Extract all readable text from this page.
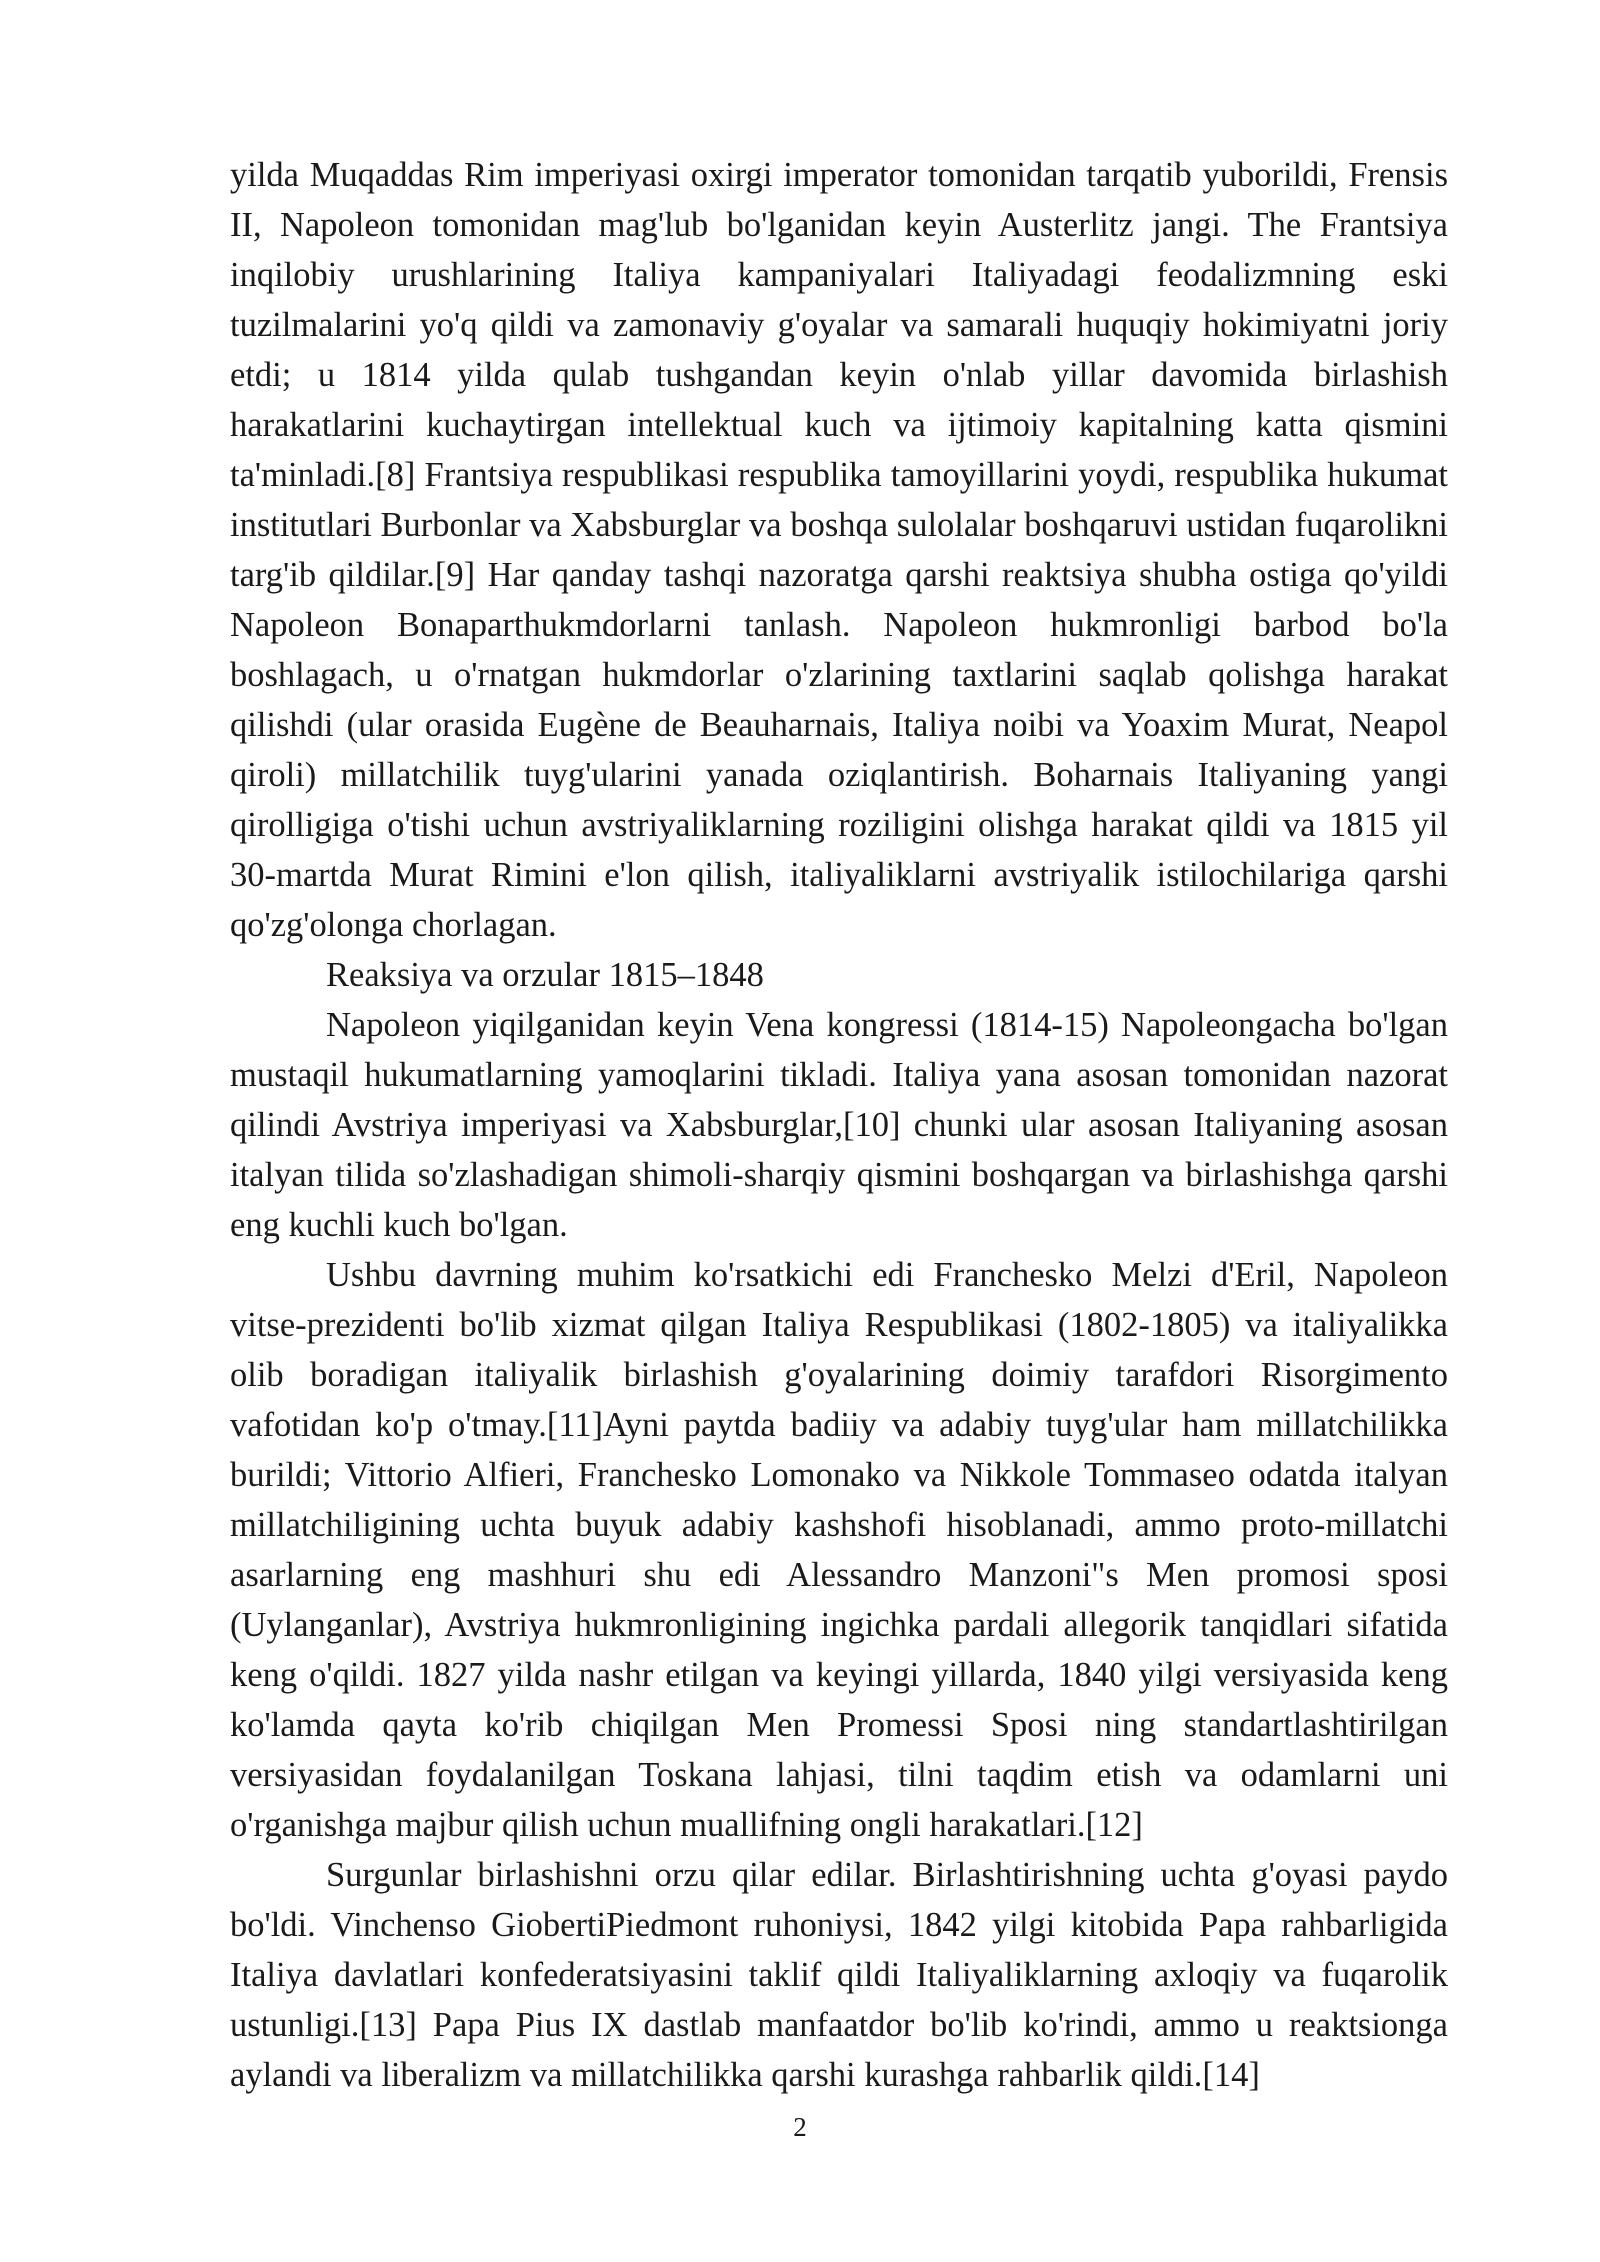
yilda Muqaddas Rim imperiyasi oxirgi imperator tomonidan tarqatib yuborildi, Frensis II, Napoleon tomonidan mag'lub bo'lganidan keyin Austerlitz jangi. The Frantsiya inqilobiy urushlarining Italiya kampaniyalari Italiyadagi feodalizmning eski tuzilmalarini yo'q qildi va zamonaviy g'oyalar va samarali huquqiy hokimiyatni joriy etdi; u 1814 yilda qulab tushgandan keyin o'nlab yillar davomida birlashish harakatlarini kuchaytirgan intellektual kuch va ijtimoiy kapitalning katta qismini ta'minladi.[8] Frantsiya respublikasi respublika tamoyillarini yoydi, respublika hukumat institutlari Burbonlar va Xabsburglar va boshqa sulolalar boshqaruvi ustidan fuqarolikni targ'ib qildilar.[9] Har qanday tashqi nazoratga qarshi reaktsiya shubha ostiga qo'yildi Napoleon Bonaparthukmdorlarni tanlash. Napoleon hukmronligi barbod bo'la boshlagach, u o'rnatgan hukmdorlar o'zlarining taxtlarini saqlab qolishga harakat qilishdi (ular orasida Eugène de Beauharnais, Italiya noibi va Yoaxim Murat, Neapol qiroli) millatchilik tuyg'ularini yanada oziqlantirish. Boharnais Italiyaning yangi qirolligiga o'tishi uchun avstriyaliklarning roziligini olishga harakat qildi va 1815 yil 30-martda Murat Rimini e'lon qilish, italiyaliklarni avstriyalik istilochilariga qarshi qo'zg'olonga chorlagan.

Reaksiya va orzular 1815–1848

Napoleon yiqilganidan keyin Vena kongressi (1814-15) Napoleongacha bo'lgan mustaqil hukumatlarning yamoqlarini tikladi. Italiya yana asosan tomonidan nazorat qilindi Avstriya imperiyasi va Xabsburglar,[10] chunki ular asosan Italiyaning asosan italyan tilida so'zlashadigan shimoli-sharqiy qismini boshqargan va birlashishga qarshi eng kuchli kuch bo'lgan.

Ushbu davrning muhim ko'rsatkichi edi Franchesko Melzi d'Eril, Napoleon vitse-prezidenti bo'lib xizmat qilgan Italiya Respublikasi (1802-1805) va italiyalikka olib boradigan italiyalik birlashish g'oyalarining doimiy tarafdori Risorgimento vafotidan ko'p o'tmay.[11]Ayni paytda badiiy va adabiy tuyg'ular ham millatchilikka burildi; Vittorio Alfieri, Franchesko Lomonako va Nikkole Tommaseo odatda italyan millatchiligining uchta buyuk adabiy kashshofi hisoblanadi, ammo proto-millatchi asarlarning eng mashhuri shu edi Alessandro Manzoni"s Men promosi sposi (Uylanganlar), Avstriya hukmronligining ingichka pardali allegorik tanqidlari sifatida keng o'qildi. 1827 yilda nashr etilgan va keyingi yillarda, 1840 yilgi versiyasida keng ko'lamda qayta ko'rib chiqilgan Men Promessi Sposi ning standartlashtirilgan versiyasidan foydalanilgan Toskana lahjasi, tilni taqdim etish va odamlarni uni o'rganishga majbur qilish uchun muallifning ongli harakatlari.[12]

Surgunlar birlashishni orzu qilar edilar. Birlashtirishning uchta g'oyasi paydo bo'ldi. Vinchenso GiobertiPiedmont ruhoniysi, 1842 yilgi kitobida Papa rahbarligida Italiya davlatlari konfederatsiyasini taklif qildi Italiyaliklarning axloqiy va fuqarolik ustunligi.[13] Papa Pius IX dastlab manfaatdor bo'lib ko'rindi, ammo u reaktsionga aylandi va liberalizm va millatchilikka qarshi kurashga rahbarlik qildi.[14]

2
